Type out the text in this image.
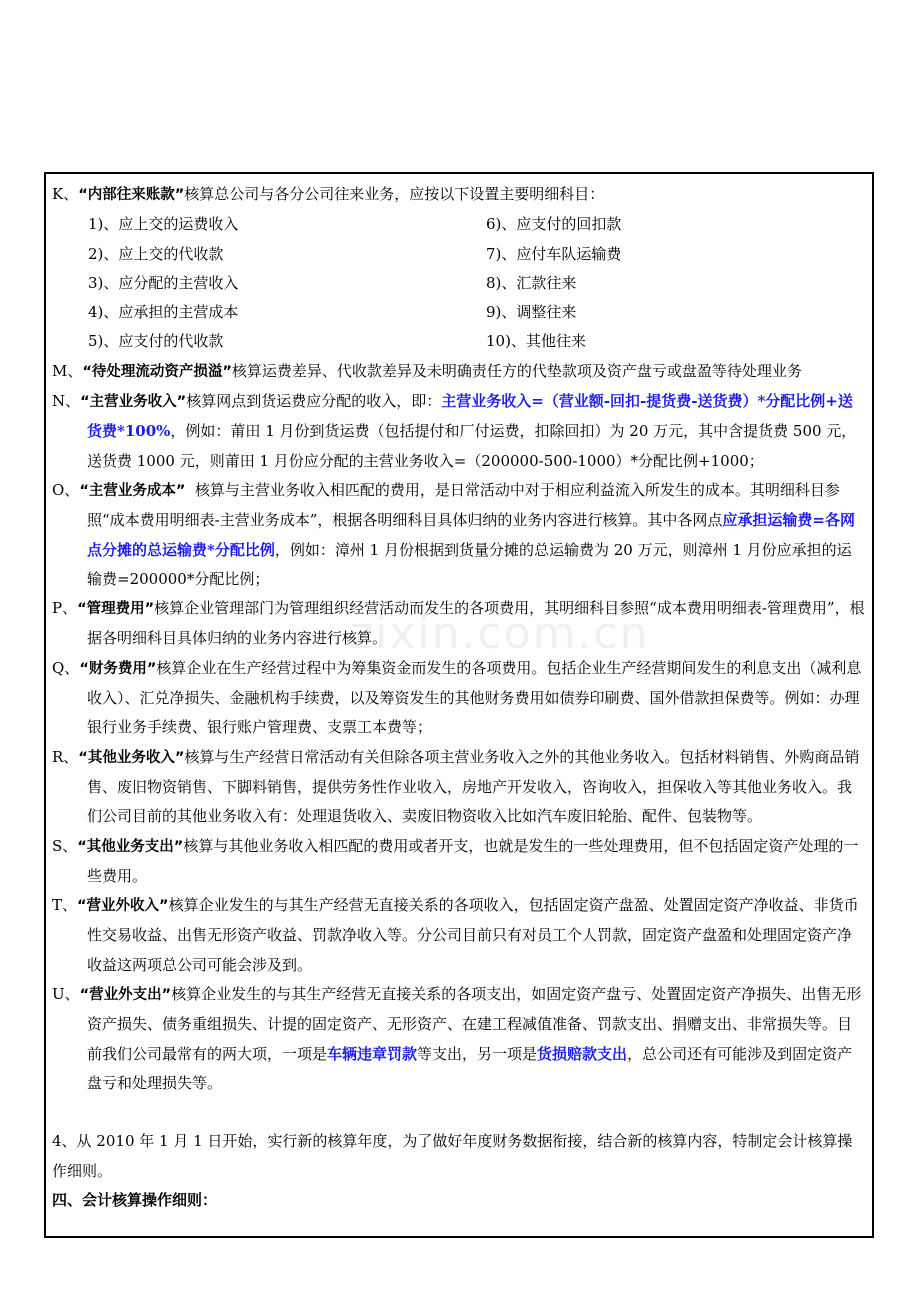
K、“内部往来账款”核算总公司与各分公司往来业务，应按以下设置主要明细科目：
1)、应上交的运费收入	6)、应支付的回扣款
2)、应上交的代收款	7)、应付车队运输费
3)、应分配的主营收入	8)、汇款往来
4)、应承担的主营成本	9)、调整往来
5)、应支付的代收款	10)、其他往来
M、“待处理流动资产损溢”核算运费差异、代收款差异及未明确责任方的代垫款项及资产盘亏或盘盈等待处理业务
N、“主营业务收入”核算网点到货运费应分配的收入，即：主营业务收入=（营业额-回扣-提货费-送货费）*分配比例+送货费*100%，例如：莆田 1 月份到货运费（包括提付和厂付运费，扣除回扣）为 20 万元，其中含提货费 500 元，送货费 1000 元，则莆田 1 月份应分配的主营业务收入=（200000-500-1000）*分配比例+1000；
O、“主营业务成本”  核算与主营业务收入相匹配的费用，是日常活动中对于相应利益流入所发生的成本。其明细科目参照“成本费用明细表-主营业务成本”，根据各明细科目具体归纳的业务内容进行核算。其中各网点应承担运输费=各网点分摊的总运输费*分配比例，例如：漳州 1 月份根据到货量分摊的总运输费为 20 万元，则漳州 1 月份应承担的运输费=200000*分配比例；
P、“管理费用”核算企业管理部门为管理组织经营活动而发生的各项费用，其明细科目参照“成本费用明细表-管理费用”，根据各明细科目具体归纳的业务内容进行核算。
Q、“财务费用”核算企业在生产经营过程中为筹集资金而发生的各项费用。包括企业生产经营期间发生的利息支出（减利息收入）、汇兑净损失、金融机构手续费，以及筹资发生的其他财务费用如债券印刷费、国外借款担保费等。例如：办理银行业务手续费、银行账户管理费、支票工本费等；
R、“其他业务收入”核算与生产经营日常活动有关但除各项主营业务收入之外的其他业务收入。包括材料销售、外购商品销售、废旧物资销售、下脚料销售，提供劳务性作业收入，房地产开发收入，咨询收入，担保收入等其他业务收入。我们公司目前的其他业务收入有：处理退货收入、卖废旧物资收入比如汽车废旧轮胎、配件、包装物等。
S、“其他业务支出”核算与其他业务收入相匹配的费用或者开支，也就是发生的一些处理费用，但不包括固定资产处理的一些费用。
T、“营业外收入”核算企业发生的与其生产经营无直接关系的各项收入，包括固定资产盘盈、处置固定资产净收益、非货币性交易收益、出售无形资产收益、罚款净收入等。分公司目前只有对员工个人罚款，固定资产盘盈和处理固定资产净收益这两项总公司可能会涉及到。
U、“营业外支出”核算企业发生的与其生产经营无直接关系的各项支出，如固定资产盘亏、处置固定资产净损失、出售无形资产损失、债务重组损失、计提的固定资产、无形资产、在建工程减值准备、罚款支出、捐赠支出、非常损失等。目前我们公司最常有的两大项，一项是车辆违章罚款等支出，另一项是货损赔款支出，总公司还有可能涉及到固定资产盘亏和处理损失等。
4、从 2010 年 1 月 1 日开始，实行新的核算年度，为了做好年度财务数据衔接，结合新的核算内容，特制定会计核算操作细则。
四、会计核算操作细则：
zixin.com.cn
